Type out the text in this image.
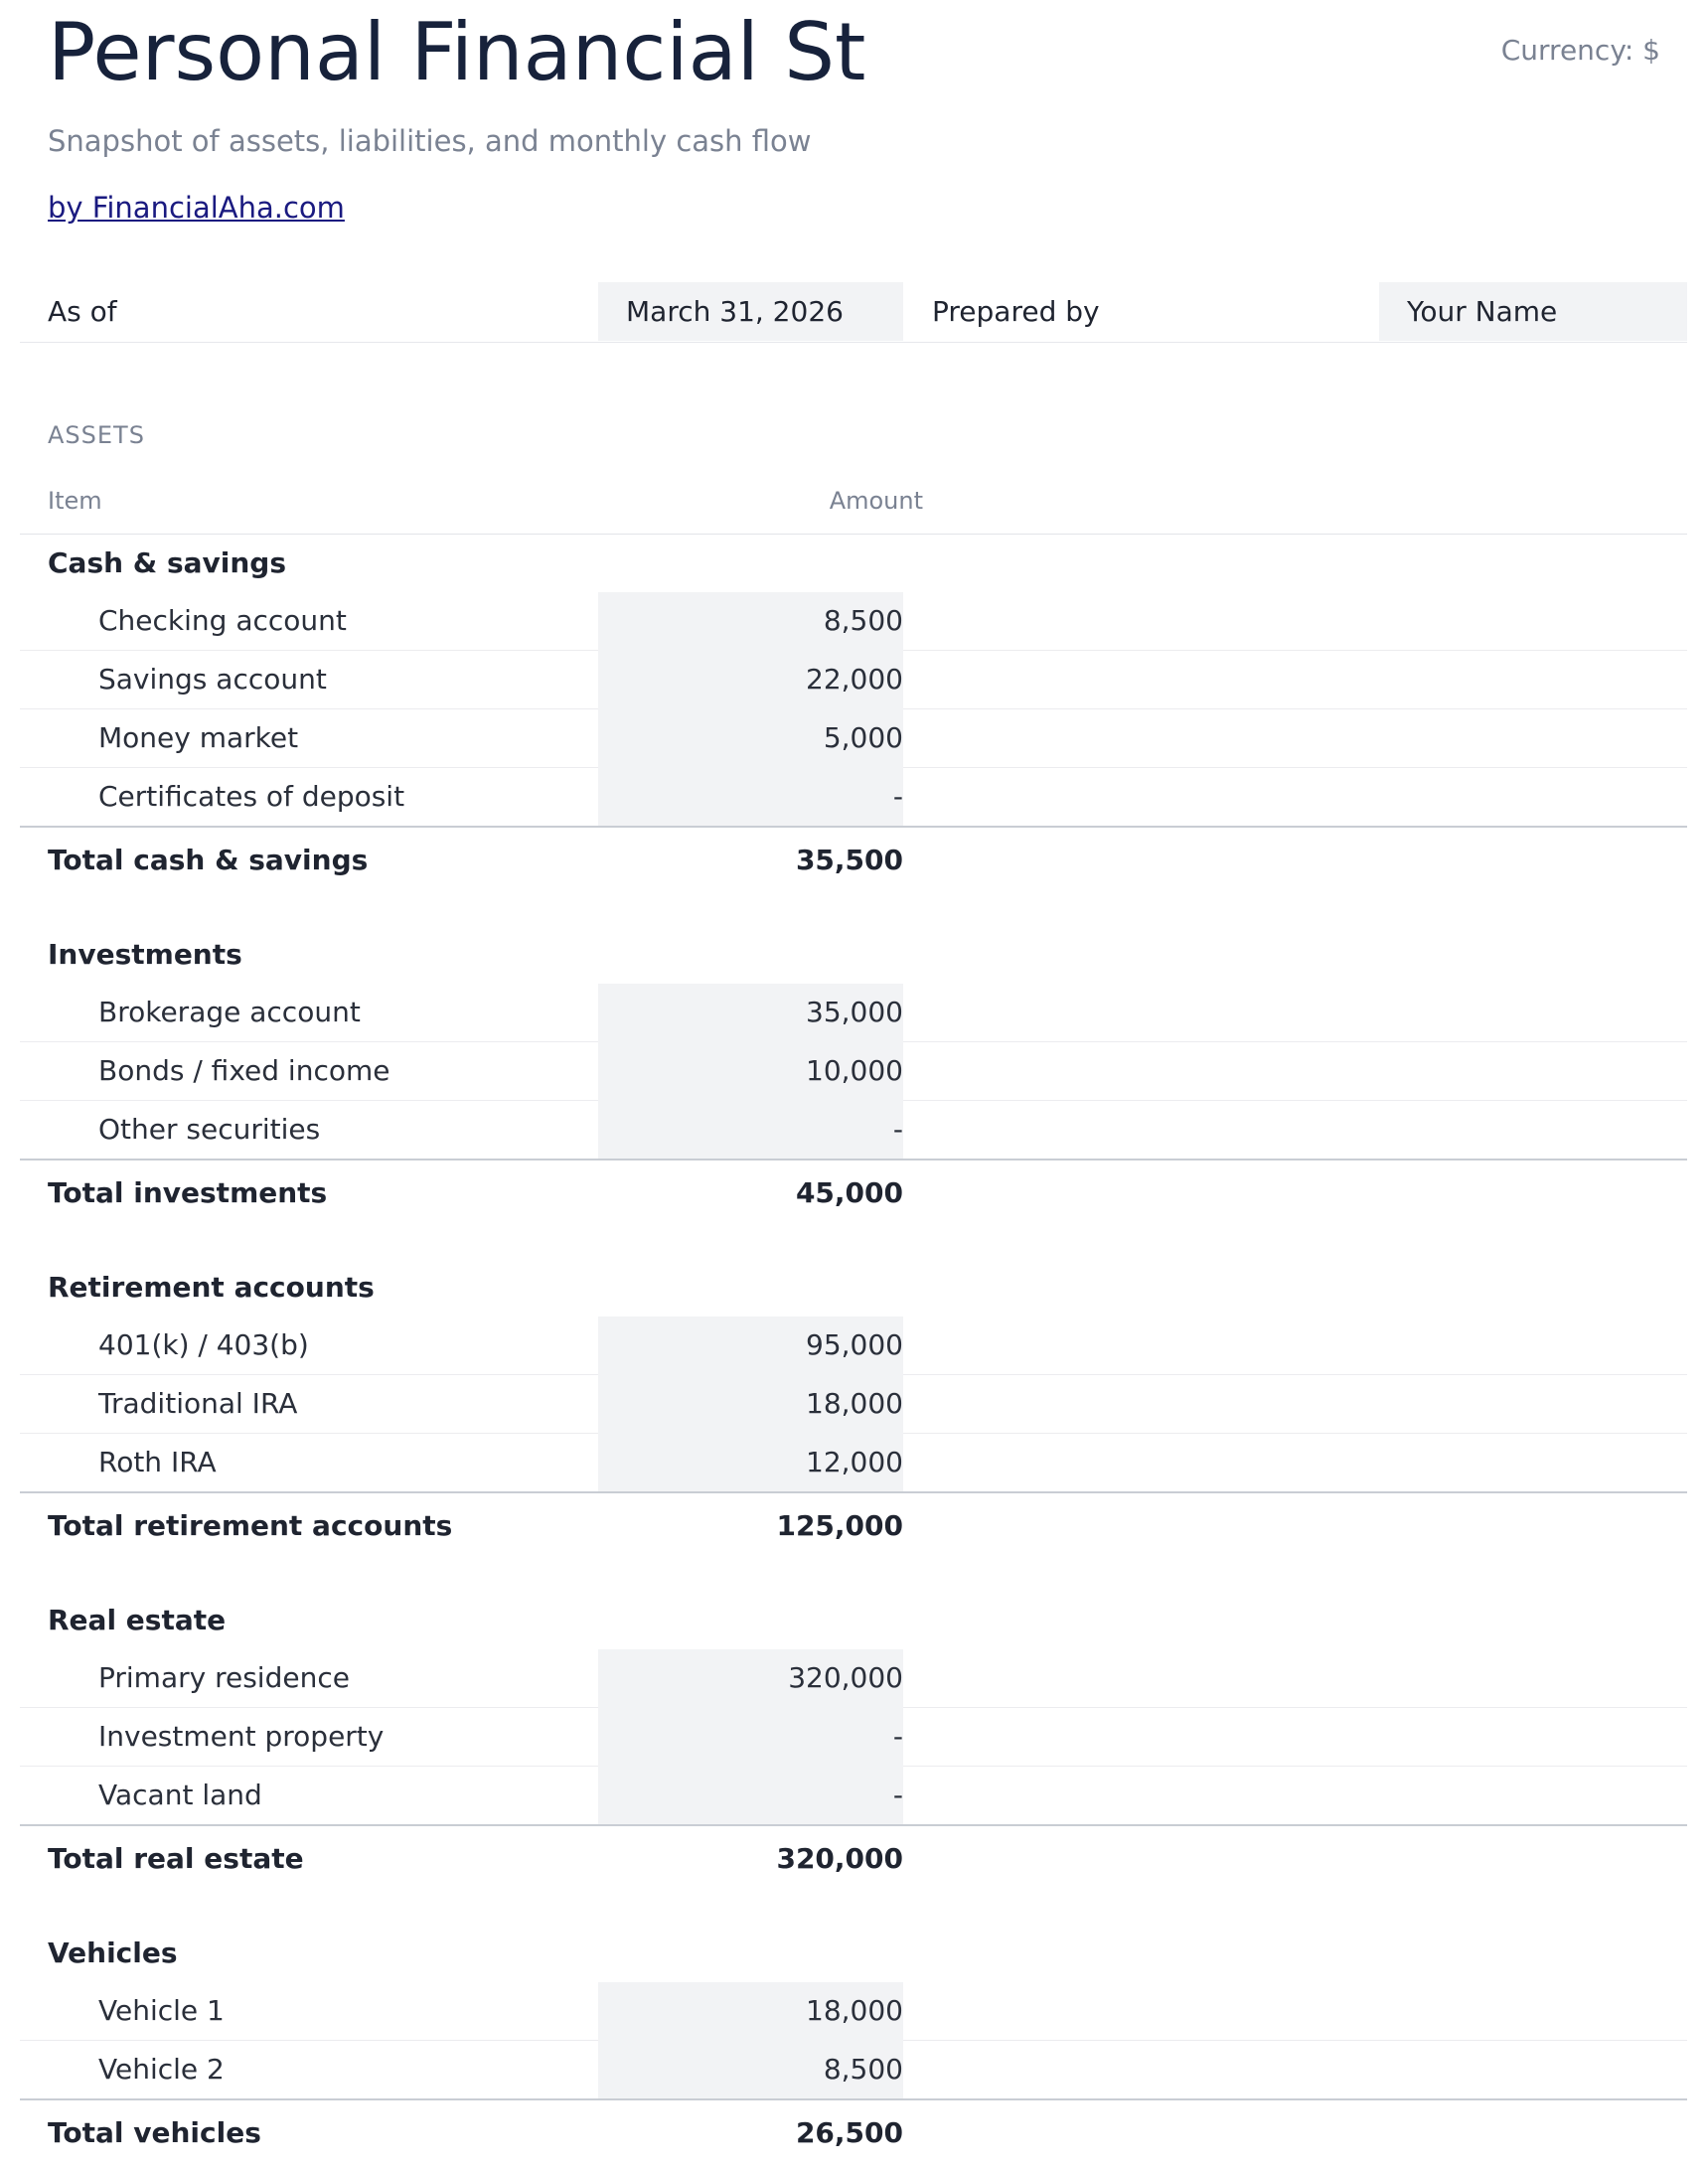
Personal Financial St	Currency: $
Snapshot of assets, liabilities, and monthly cash flow
by FinancialAha.com
As of	March 31, 2026	Prepared by	Your Name
ASSETS
Item	Amount
Cash & savings
Checking account	8,500
Savings account	22,000
Money market	5,000
Certificates of deposit	-
Total cash & savings	35,500
Investments
Brokerage account	35,000
Bonds / fixed income	10,000
Other securities	-
Total investments	45,000
Retirement accounts
401(k) / 403(b)	95,000
Traditional IRA	18,000
Roth IRA	12,000
Total retirement accounts	125,000
Real estate
Primary residence	320,000
Investment property	-
Vacant land	-
Total real estate	320,000
Vehicles
Vehicle 1	18,000
Vehicle 2	8,500
Total vehicles	26,500
